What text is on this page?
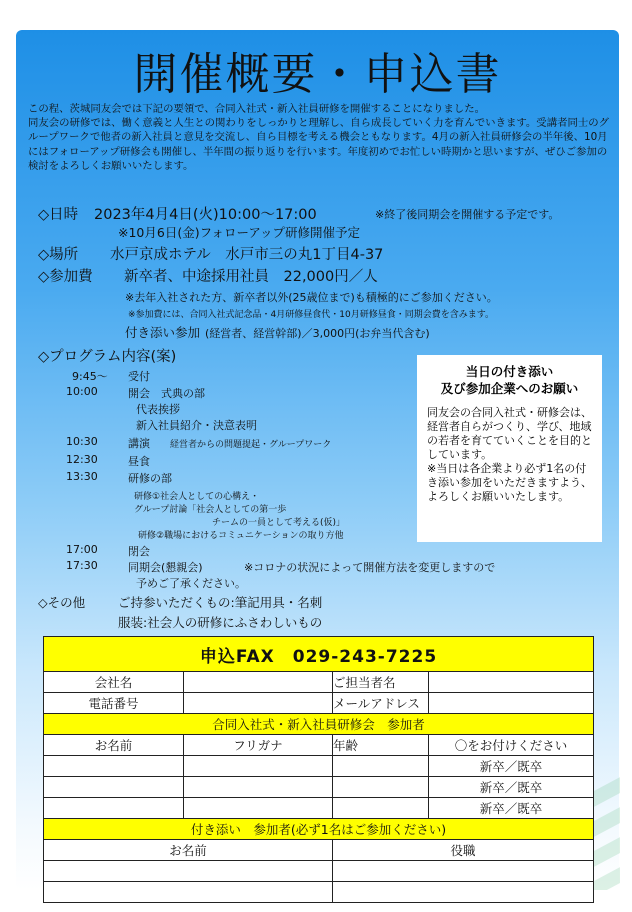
開催概要・申込書
この程、茨城同友会では下記の要領で、合同入社式・新入社員研修を開催することになりました。
同友会の研修では、働く意義と人生との関わりをしっかりと理解し、自ら成長していく力を育んでいきます。受講者同士のグループワークで他者の新入社員と意見を交流し、自ら目標を考える機会ともなります。4月の新入社員研修会の半年後、10月にはフォローアップ研修会も開催し、半年間の振り返りを行います。年度初めでお忙しい時期かと思いますが、ぜひご参加の検討をよろしくお願いいたします。
◇日時 2023年4月4日(火)10:00～17:00	※終了後同期会を開催する予定です。
※10月6日(金)フォローアップ研修開催予定
◇場所 水戸京成ホテル　水戸市三の丸1丁目4-37
◇参加費 新卒者、中途採用社員　22,000円／人
※去年入社された方、新卒者以外(25歳位まで)も積極的にご参加ください。
※参加費には、合同入社式記念品・4月研修昼食代・10月研修昼食・同期会費を含みます。
付き添い参加 (経営者、経営幹部)／3,000円(お弁当代含む)
◇プログラム内容(案)
9:45～ 受付
10:00	開会　式典の部
代表挨拶
新入社員紹介・決意表明
10:30	講演 経営者からの問題提起・グループワーク
12:30	昼食
13:30	研修の部
研修①社会人としての心構え・
グループ討論「社会人としての第一歩
チームの一員として考える(仮)」
研修②職場におけるコミュニケーションの取り方他
17:00	閉会
17:30	同期会(懇親会)	※コロナの状況によって開催方法を変更しますので
予めご了承ください。
◇その他	ご持参いただくもの:筆記用具・名刺
服装:社会人の研修にふさわしいもの
当日の付き添い
及び参加企業へのお願い

同友会の合同入社式・研修会は、経営者自らがつくり、学び、地域の若者を育てていくことを目的としています。

※当日は各企業より必ず1名の付き添い参加をいただきますよう、よろしくお願いいたします。

申込FAX　029-243-7225			
会社名		ご担当者名	
電話番号		メールアドレス	
合同入社式・新入社員研修会　参加者			
お名前	フリガナ	年齢	〇をお付けください
			新卒／既卒
			新卒／既卒
			新卒／既卒
付き添い　参加者(必ず1名はご参加ください)			
お名前		役職	
